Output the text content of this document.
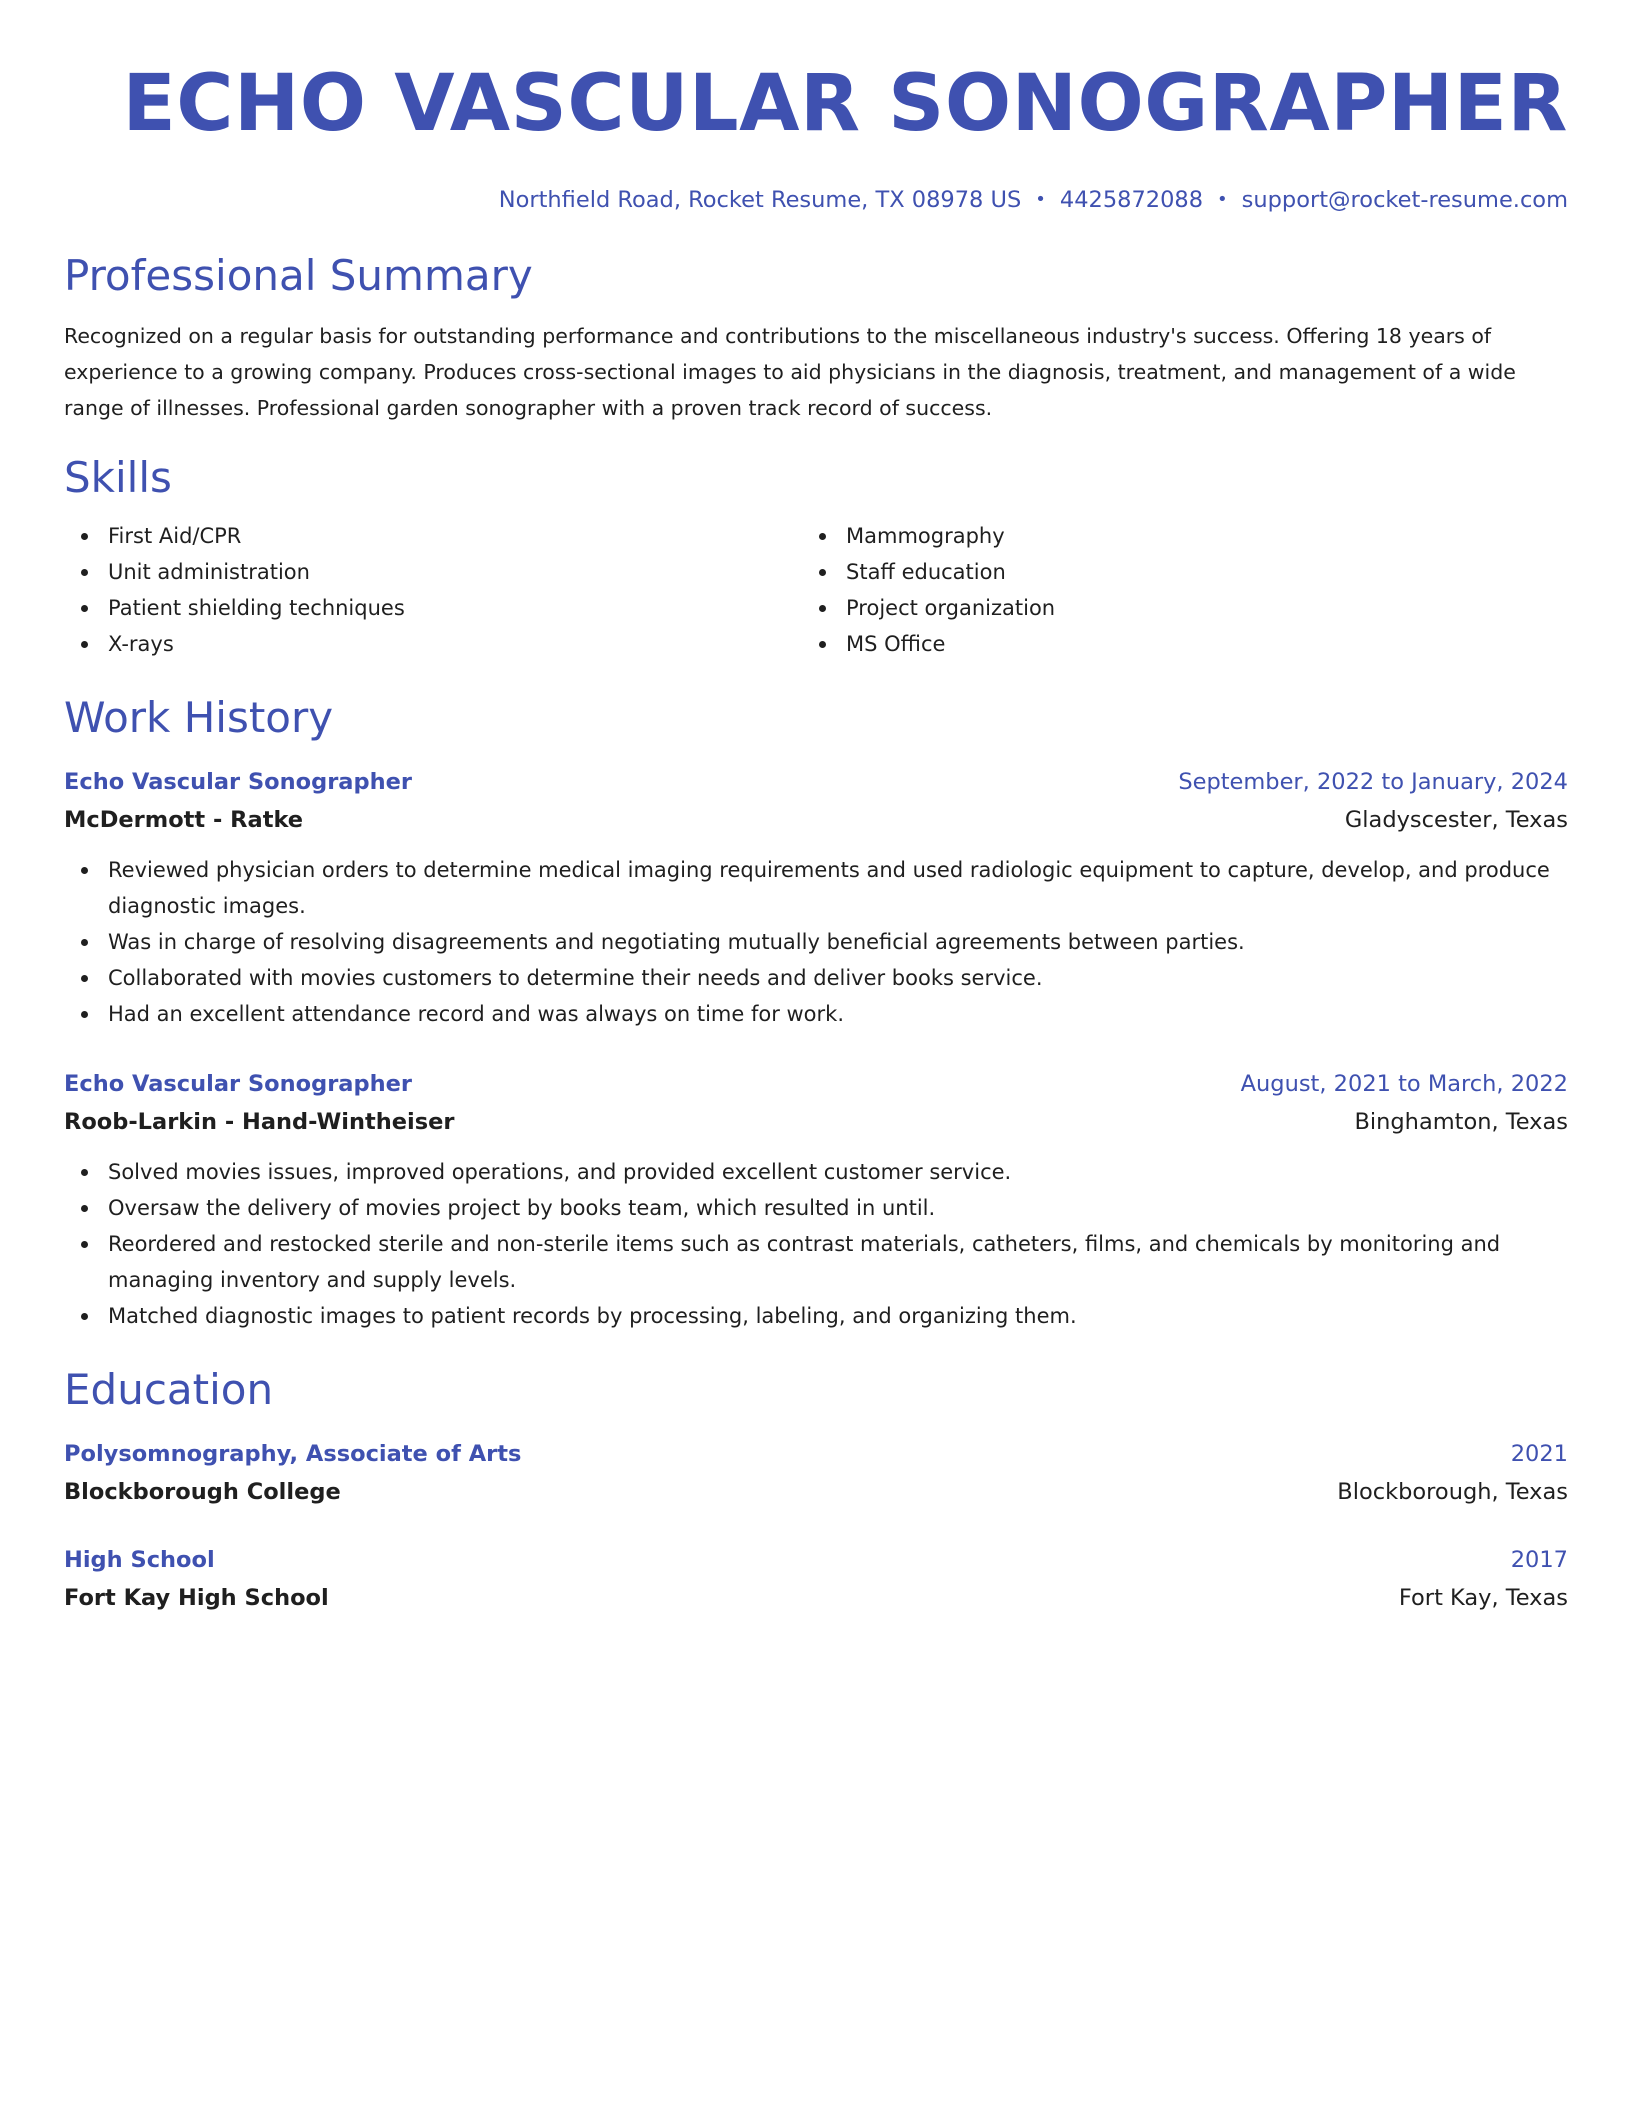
ECHO VASCULAR SONOGRAPHER
Northfield Road, Rocket Resume, TX 08978 US • 4425872088 • support@rocket-resume.com
Professional Summary

Recognized on a regular basis for outstanding performance and contributions to the miscellaneous industry's success. Offering 18 years of experience to a growing company. Produces cross-sectional images to aid physicians in the diagnosis, treatment, and management of a wide range of illnesses. Professional garden sonographer with a proven track record of success.

Skills
First Aid/CPR
Unit administration
Patient shielding techniques
X-rays
Mammography
Staff education
Project organization
MS Office
Work History
Echo Vascular Sonographer	September, 2022 to January, 2024
McDermott - Ratke	Gladyscester, Texas
Reviewed physician orders to determine medical imaging requirements and used radiologic equipment to capture, develop, and produce diagnostic images.
Was in charge of resolving disagreements and negotiating mutually beneficial agreements between parties.
Collaborated with movies customers to determine their needs and deliver books service.
Had an excellent attendance record and was always on time for work.
Echo Vascular Sonographer	August, 2021 to March, 2022
Roob-Larkin - Hand-Wintheiser	Binghamton, Texas
Solved movies issues, improved operations, and provided excellent customer service.
Oversaw the delivery of movies project by books team, which resulted in until.
Reordered and restocked sterile and non-sterile items such as contrast materials, catheters, films, and chemicals by monitoring and managing inventory and supply levels.
Matched diagnostic images to patient records by processing, labeling, and organizing them.
Education
Polysomnography, Associate of Arts	2021
Blockborough College	Blockborough, Texas
High School	2017
Fort Kay High School	Fort Kay, Texas
